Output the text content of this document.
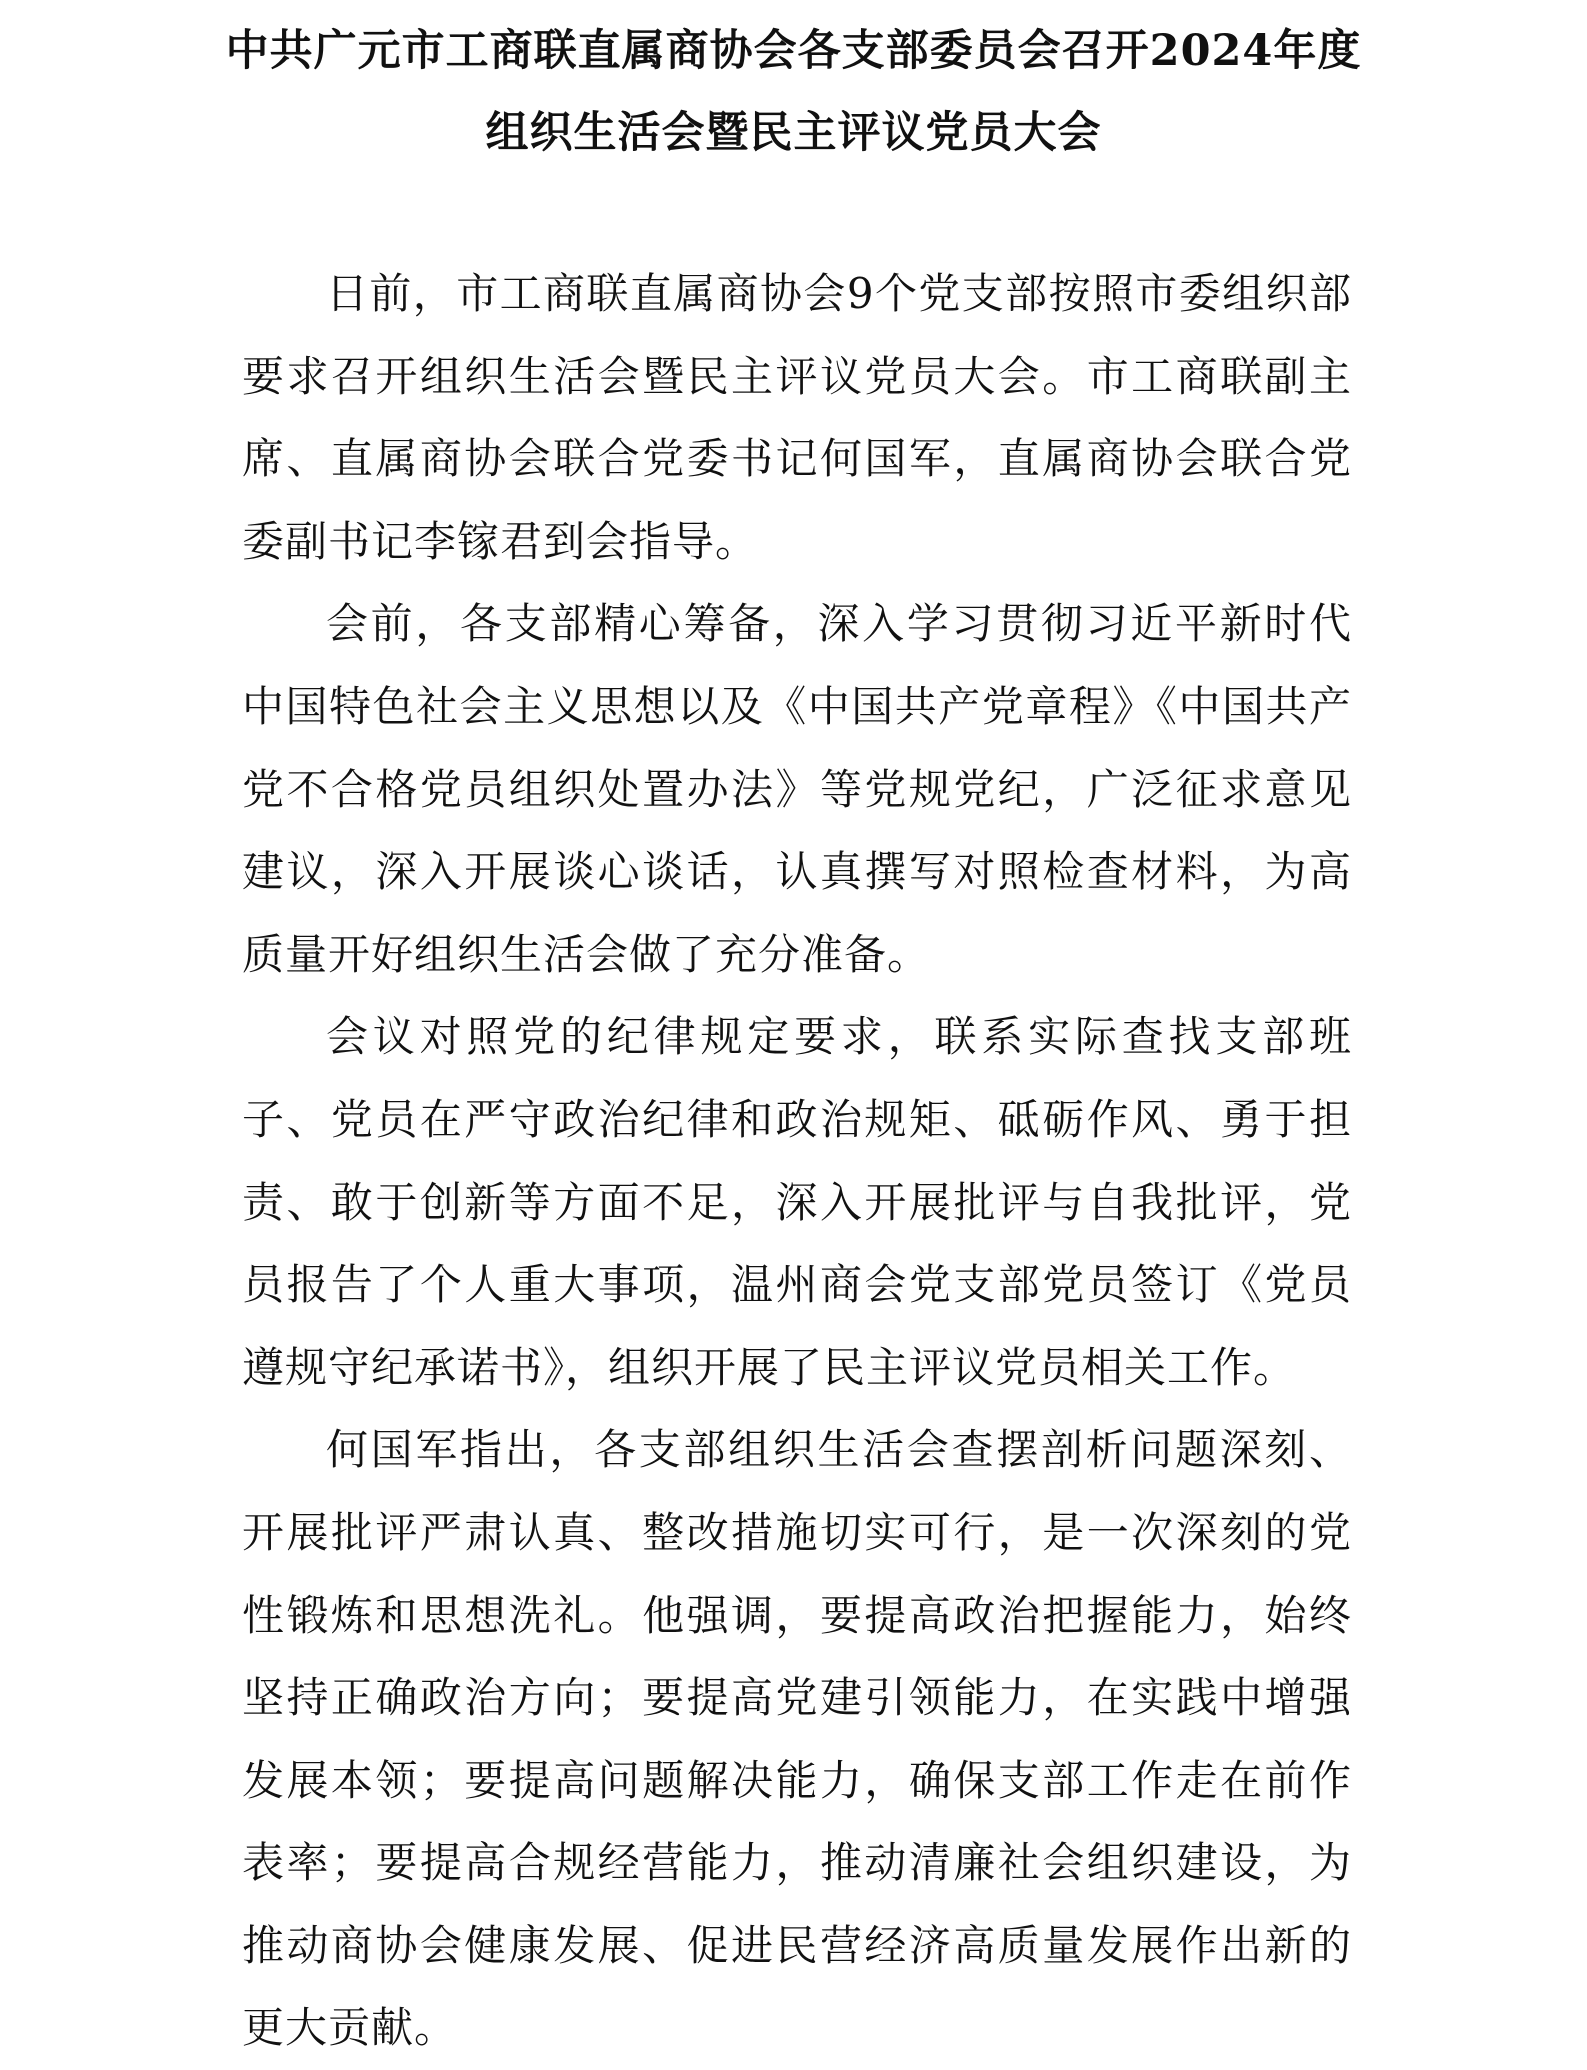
中共广元市工商联直属商协会各支部委员会召开2024年度
组织生活会暨民主评议党员大会

日前，市工商联直属商协会9个党支部按照市委组织部要求召开组织生活会暨民主评议党员大会。市工商联副主席、直属商协会联合党委书记何国军，直属商协会联合党委副书记李镓君到会指导。

会前，各支部精心筹备，深入学习贯彻习近平新时代中国特色社会主义思想以及《中国共产党章程》《中国共产党不合格党员组织处置办法》等党规党纪，广泛征求意见建议，深入开展谈心谈话，认真撰写对照检查材料，为高质量开好组织生活会做了充分准备。

会议对照党的纪律规定要求，联系实际查找支部班子、党员在严守政治纪律和政治规矩、砥砺作风、勇于担责、敢于创新等方面不足，深入开展批评与自我批评，党员报告了个人重大事项，温州商会党支部党员签订《党员遵规守纪承诺书》，组织开展了民主评议党员相关工作。

何国军指出，各支部组织生活会查摆剖析问题深刻、开展批评严肃认真、整改措施切实可行，是一次深刻的党性锻炼和思想洗礼。他强调，要提高政治把握能力，始终坚持正确政治方向；要提高党建引领能力，在实践中增强发展本领；要提高问题解决能力，确保支部工作走在前作表率；要提高合规经营能力，推动清廉社会组织建设，为推动商协会健康发展、促进民营经济高质量发展作出新的更大贡献。
